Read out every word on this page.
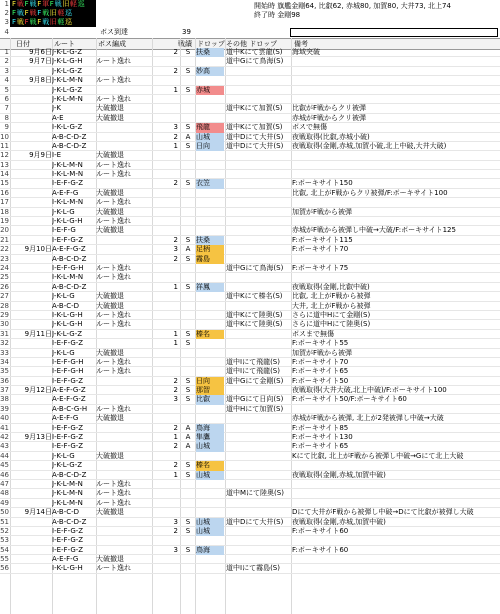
1 F 戦 F 戦 F 軍 F 戦 旧 軽 巡
2 F 戦 F 戦 F 戦 旧 軽 巡
3 F 戦 F 戦 F 戦 旧 軽 巡
開始時 旗艦金剛64, 比叡62, 赤城80, 加賀80, 大井73, 北上74
終了時 金剛98
4	ボス到達	39
日付	ルート	ボス編成	戦績 ドロップ その他 ドロップ 備考
1	9月6日 J-K-L-G-Z	2	S 扶桑	道中Kにて雲龍(S)	海域突破
2	9月7日 J-K-L-G-H	ルート逸れ	道中Gにて鳥海(S)
3	J-K-L-G-Z	2	S 妙高
4	9月8日 J-K-L-M-N	ルート逸れ
5	J-K-L-G-Z	1	S 赤城
6	J-K-L-M-N	ルート逸れ
7	J-K	大破撤退	道中Kにて加賀(S)	比叡がF戦からクリ被弾
8	A-E	大破撤退	赤城がF戦からクリ被弾
9	I-K-L-G-Z	3	S 飛龍	道中Kにて加賀(S)	ボスで無傷
10	A-B-C-D-Z	2	A 山城	道中Dにて大井(S)	夜戦取得(比叡,赤城小破)
11	A-B-C-D-Z	1	S 日向	道中Dにて大井(S)	夜戦取得(金剛,赤城,加賀小破,北上中破,大井大破)
12	9月9日 I-E	大破撤退
13	J-K-L-M-N	ルート逸れ
14	I-K-L-M-N	ルート逸れ
15	I-E-F-G-Z	2	S 衣笠	F:ボーキサイト150
16	A-E-F-G	大破撤退	比叡, 北上がF戦からクリ被弾/F:ボーキサイト100
17	I-K-L-M-N	ルート逸れ
18	J-K-L-G	大破撤退	加賀がF戦から被弾
19	J-K-L-G-H	ルート逸れ
20	I-E-F-G	大破撤退	赤城がF戦から被弾し中破→大破/F:ボーキサイト125
21	I-E-F-G-Z	2	S 扶桑	F:ボーキサイト115
22	9月10日 A-E-F-G-Z	3	A 足柄	F:ボーキサイト70
23	A-B-C-D-Z	2	S 霧島
24	I-E-F-G-H	ルート逸れ	道中Gにて鳥海(S)	F:ボーキサイト75
25	I-K-L-M-N	ルート逸れ
26	A-B-C-D-Z	1	S 祥鳳	夜戦取得(金剛,比叡中破)
27	J-K-L-G	大破撤退	道中Kにて榛名(S)	比叡, 北上がF戦から被弾
28	A-B-C-D	大破撤退	大井, 北上がF戦から被弾
29	I-K-L-G-H	ルート逸れ	道中Kにて陸奥(S)	さらに道中Hにて金剛(S)
30	J-K-L-G-H	ルート逸れ	道中Kにて陸奥(S)	さらに道中Hにて陸奥(S)
31	9月11日 J-K-L-G-Z	1	S 榛名	ボスまで無傷
32	I-E-F-G-Z	1	S	F:ボーキサイト55
33	J-K-L-G	大破撤退	加賀がF戦から被弾
34	I-E-F-G-H	ルート逸れ	道中Iにて飛龍(S)	F:ボーキサイト70
35	I-E-F-G-H	ルート逸れ	道中Iにて飛龍(S)	F:ボーキサイト65
36	I-E-F-G-Z	2	S 日向	道中Gにて金剛(S)	F:ボーキサイト50
37	9月12日 A-E-F-G-Z	2	S 那智	夜戦取得(大井大破,北上中破)/F:ボーキサイト100
38	A-E-F-G-Z	3	S 比叡	道中Gにて日向(S)	F:ボーキサイト50/F:ボーキサイト60
39	A-B-C-G-H	ルート逸れ	道中Hにて加賀(S)
40	A-E-F-G	大破撤退	赤城がF戦から被弾, 北上が2発被弾し中破→大破
41	I-E-F-G-Z	2	A 鳥海	F:ボーキサイト85
42	9月13日 I-E-F-G-Z	1	A 隼鷹	F:ボーキサイト130
43	I-E-F-G-Z	2	A 山城	F:ボーキサイト65
44	J-K-L-G	大破撤退	Kにて比叡, 北上がF戦から被弾し中破→Gにて北上大破
45	J-K-L-G-Z	2	S 榛名
46	A-B-C-D-Z	1	S 山城	夜戦取得(金剛,赤城,加賀中破)
47	J-K-L-M-N	ルート逸れ
48	J-K-L-M-N	ルート逸れ	道中Mにて陸奥(S)
49	J-K-L-M-N	ルート逸れ
50	9月14日 A-B-C-D	大破撤退	Dにて大井がF戦から被弾し中破→Dにて比叡が被弾し大破
51	A-B-C-D-Z	3	S 山城	道中Dにて大井(S)	夜戦取得(金剛,赤城,加賀中破)
52	I-E-F-G-Z	2	S 山城	F:ボーキサイト60
53	I-E-F-G-Z
54	I-E-F-G-Z	3	S 鳥海	F:ボーキサイト60
55	A-E-F-G	大破撤退
56	I-K-L-G-H	ルート逸れ	道中Iにて霧島(S)
